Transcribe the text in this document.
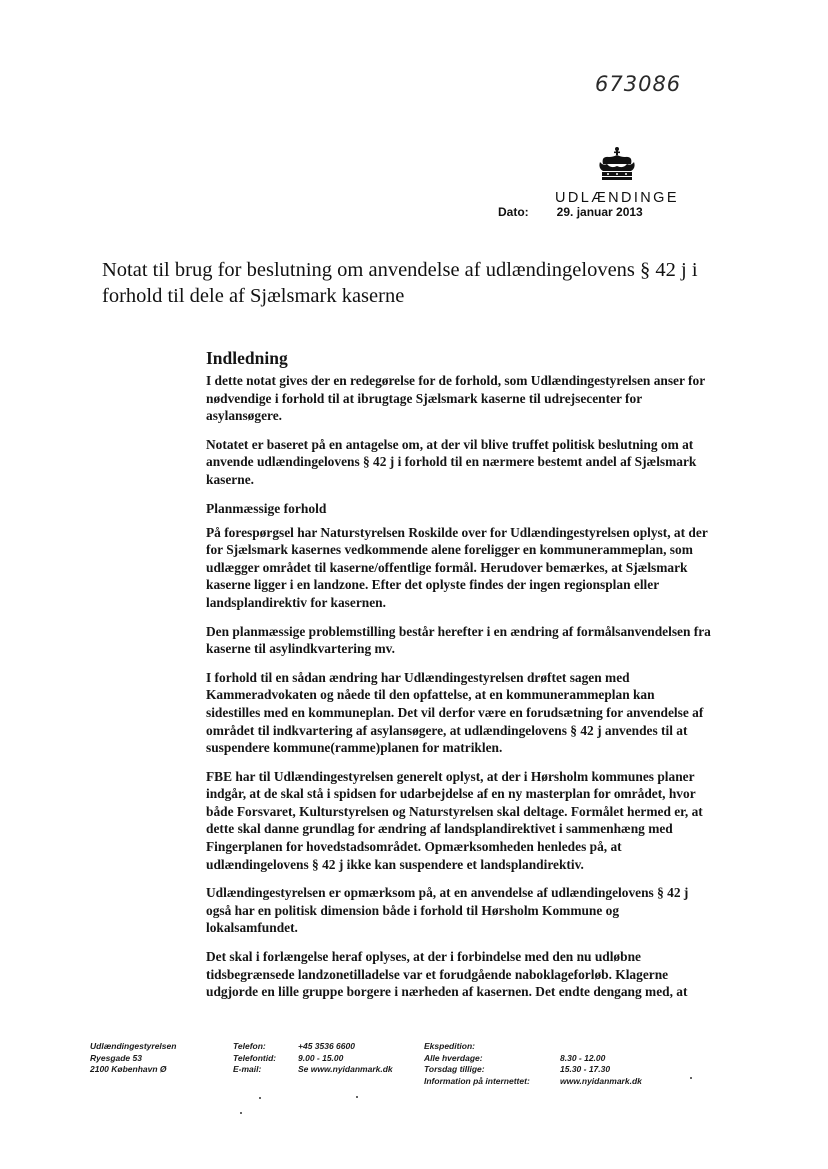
673086
UDLÆNDINGE
Dato: 29. januar 2013
Notat til brug for beslutning om anvendelse af udlændingelovens § 42 j i forhold til dele af Sjælsmark kaserne
Indledning

I dette notat gives der en redegørelse for de forhold, som Udlændingestyrelsen anser for nødvendige i forhold til at ibrugtage Sjælsmark kaserne til udrejsecenter for asylansøgere.

Notatet er baseret på en antagelse om, at der vil blive truffet politisk beslutning om at anvende udlændingelovens § 42 j i forhold til en nærmere bestemt andel af Sjælsmark kaserne.

Planmæssige forhold

På forespørgsel har Naturstyrelsen Roskilde over for Udlændingestyrelsen oplyst, at der for Sjælsmark kasernes vedkommende alene foreligger en kommunerammeplan, som udlægger området til kaserne/offentlige formål. Herudover bemærkes, at Sjælsmark kaserne ligger i en landzone. Efter det oplyste findes der ingen regionsplan eller landsplandirektiv for kasernen.

Den planmæssige problemstilling består herefter i en ændring af formålsanvendelsen fra kaserne til asylindkvartering mv.

I forhold til en sådan ændring har Udlændingestyrelsen drøftet sagen med Kammeradvokaten og nåede til den opfattelse, at en kommunerammeplan kan sidestilles med en kommuneplan. Det vil derfor være en forudsætning for anvendelse af området til indkvartering af asylansøgere, at udlændingelovens § 42 j anvendes til at suspendere kommune(ramme)planen for matriklen.

FBE har til Udlændingestyrelsen generelt oplyst, at der i Hørsholm kommunes planer indgår, at de skal stå i spidsen for udarbejdelse af en ny masterplan for området, hvor både Forsvaret, Kulturstyrelsen og Naturstyrelsen skal deltage. Formålet hermed er, at dette skal danne grundlag for ændring af landsplandirektivet i sammenhæng med Fingerplanen for hovedstadsområdet. Opmærksomheden henledes på, at udlændingelovens § 42 j ikke kan suspendere et landsplandirektiv.

Udlændingestyrelsen er opmærksom på, at en anvendelse af udlændingelovens § 42 j også har en politisk dimension både i forhold til Hørsholm Kommune og lokalsamfundet.

Det skal i forlængelse heraf oplyses, at der i forbindelse med den nu udløbne tidsbegrænsede landzonetilladelse var et forudgående naboklageforløb. Klagerne udgjorde en lille gruppe borgere i nærheden af kasernen. Det endte dengang med, at

Udlændingestyrelsen
Ryesgade 53
2100 København Ø
Telefon:
Telefontid:
E-mail:
+45 3536 6600
9.00 - 15.00
Se www.nyidanmark.dk
Ekspedition:
Alle hverdage:
Torsdag tillige:
Information på internettet:

8.30 - 12.00
15.30 - 17.30
www.nyidanmark.dk
